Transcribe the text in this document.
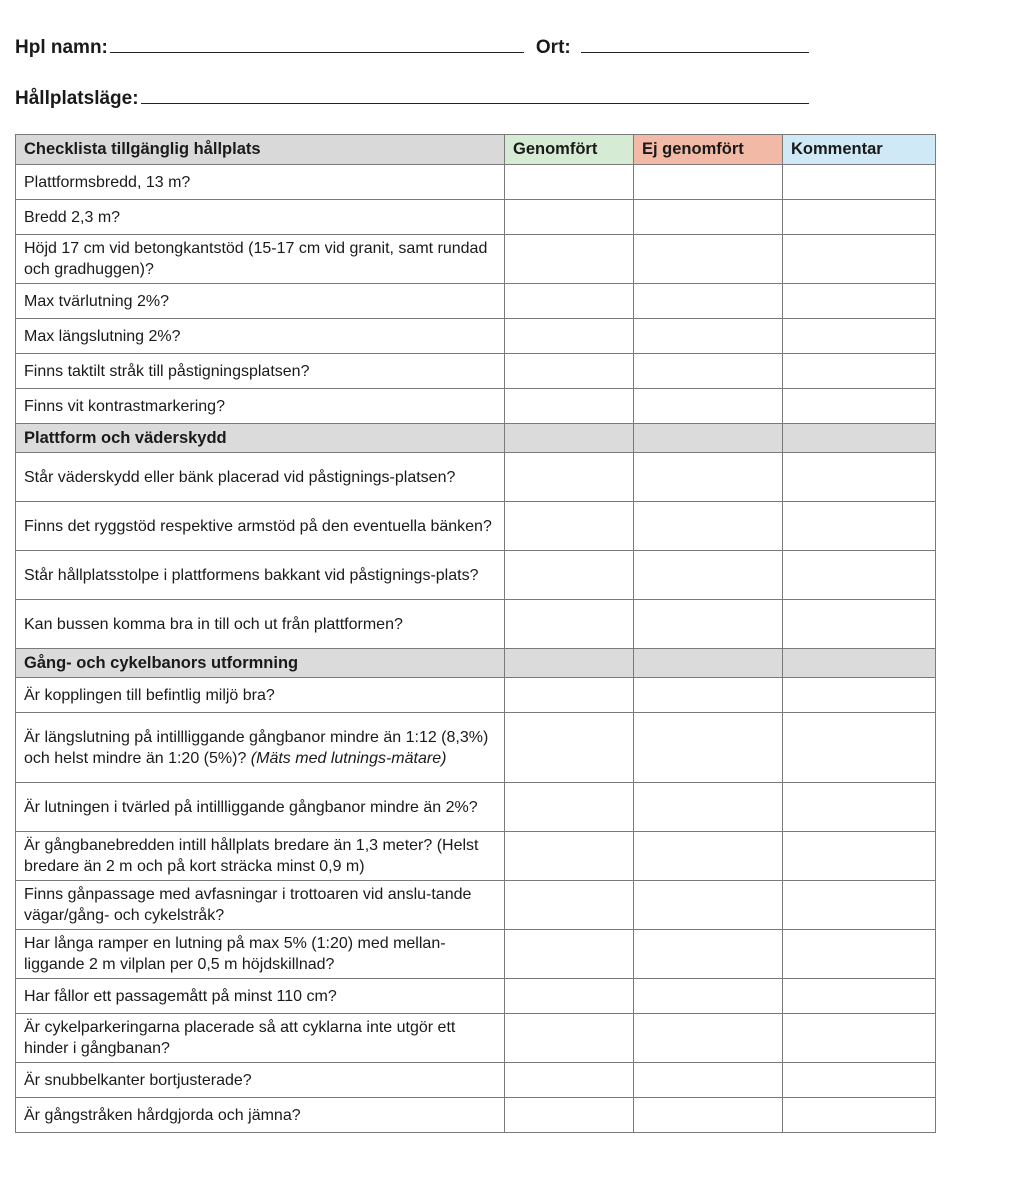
Hpl namn:	Ort:
Hållplatsläge:
Checklista tillgänglig hållplats	Genomfört	Ej genomfört	Kommentar
Plattformsbredd, 13 m?			
Bredd 2,3 m?			
Höjd 17 cm vid betongkantstöd (15-17 cm vid granit, samt rundad och gradhuggen)?			
Max tvärlutning 2%?			
Max längslutning 2%?			
Finns taktilt stråk till påstigningsplatsen?			
Finns vit kontrastmarkering?			
Plattform och väderskydd			
Står väderskydd eller bänk placerad vid påstignings-platsen?			
Finns det ryggstöd respektive armstöd på den eventuella bänken?			
Står hållplatsstolpe i plattformens bakkant vid påstignings-plats?			
Kan bussen komma bra in till och ut från plattformen?			
Gång- och cykelbanors utformning			
Är kopplingen till befintlig miljö bra?			
Är längslutning på intillliggande gångbanor mindre än 1:12 (8,3%) och helst mindre än 1:20 (5%)? (Mäts med lutnings-mätare)			
Är lutningen i tvärled på intillliggande gångbanor mindre än 2%?			
Är gångbanebredden intill hållplats bredare än 1,3 meter? (Helst bredare än 2 m och på kort sträcka minst 0,9 m)			
Finns gånpassage med avfasningar i trottoaren vid anslu-tande vägar/gång- och cykelstråk?			
Har långa ramper en lutning på max 5% (1:20) med mellan-liggande 2 m vilplan per 0,5 m höjdskillnad?			
Har fållor ett passagemått på minst 110 cm?			
Är cykelparkeringarna placerade så att cyklarna inte utgör ett hinder i gångbanan?			
Är snubbelkanter bortjusterade?			
Är gångstråken hårdgjorda och jämna?			
